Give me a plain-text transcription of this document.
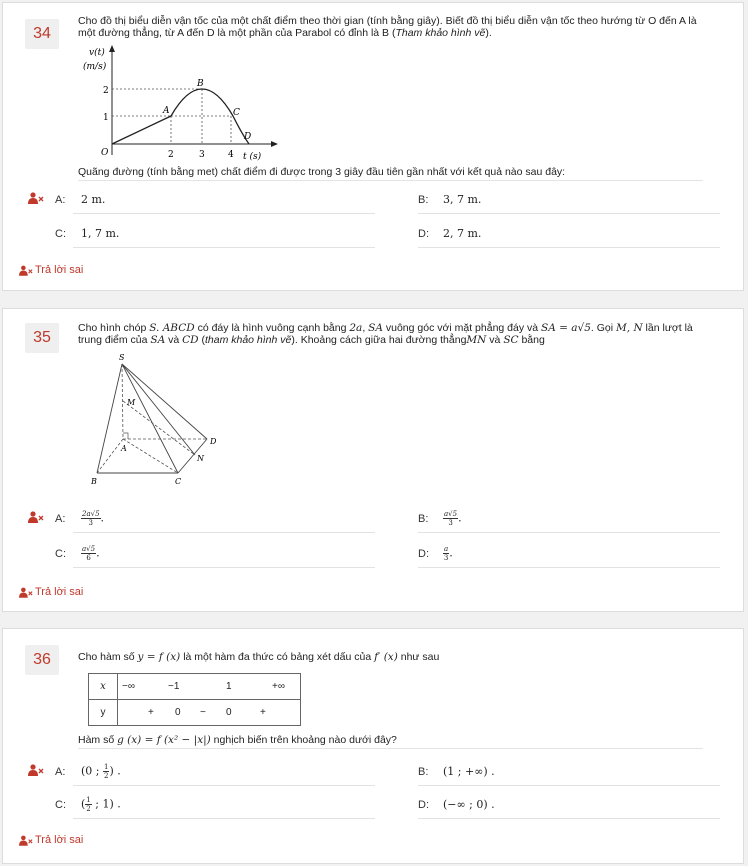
34
Cho đồ thị biểu diễn vận tốc của một chất điểm theo thời gian (tính bằng giây). Biết đồ thị biểu diễn vận tốc theo hướng từ O đến A là
một đường thẳng, từ A đến D là một phần của Parabol có đỉnh là B (Tham khảo hình vẽ).
v(t)
(m/s)
2
1
O	2	3	4 t (s)
A
B
C
D
Quãng đường (tính bằng met) chất điểm đi được trong 3 giây đầu tiên gần nhất với kết quả nào sau đây:
A: 2 m.	B: 3, 7 m.
C: 1, 7 m.	D: 2, 7 m.
Trả lời sai
35
Cho hình chóp S. ABCD có đáy là hình vuông cạnh bằng 2a, SA vuông góc với mặt phẳng đáy và SA = a√5. Gọi M, N lần lượt là
trung điểm của SA và CD (tham khảo hình vẽ). Khoảng cách giữa hai đường thẳngMN và SC bằng
S
M
A
B	C
D
N
A: $\frac{2a√5}{3}$ .	B: $\frac{a√5}{3}$ .
C: $\frac{a√5}{6}$ .	D: $\frac{a}{3}$ .
Trả lời sai
36	Cho hàm số y = f (x) là một hàm đa thức có bảng xét dấu của f′ (x) như sau
x	−∞ −1 1 +∞

y	+ 0 − 0 +
Hàm số g (x) = f (x² − |x|) nghịch biến trên khoảng nào dưới đây?
A: (0 ; $\frac{1}{2}$ ) .	B: (1 ; +∞) .
C: ( $\frac{1}{2}$ ; 1) .	D: (−∞ ; 0) .
Trả lời sai
